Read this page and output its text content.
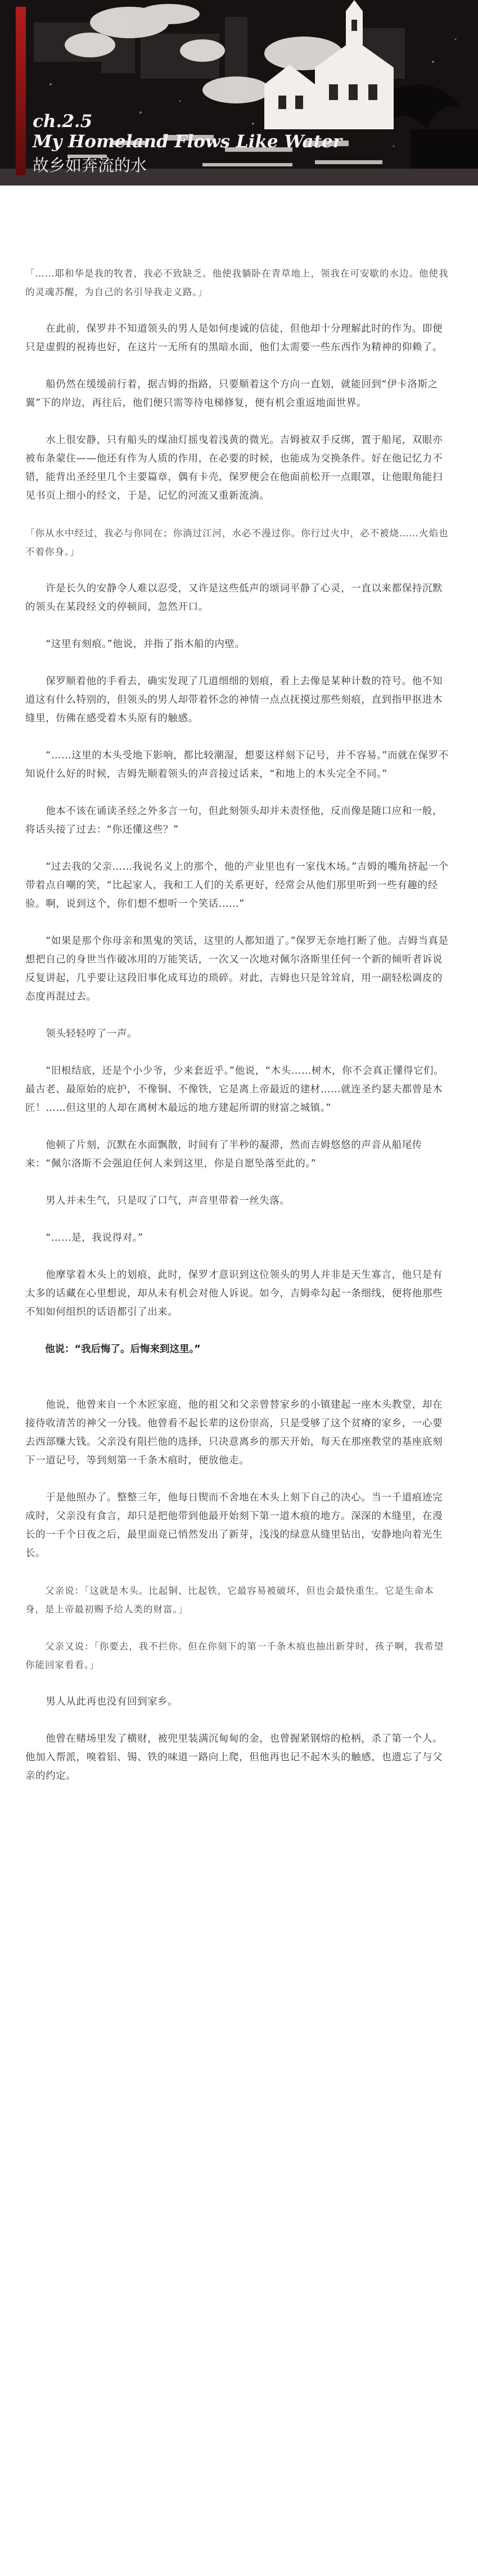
ch.2.5
My Homeland Flows Like Water
故乡如奔流的水
「……耶和华是我的牧者，我必不致缺乏。他使我躺卧在青草地上，领我在可安歇的水边。他使我的灵魂苏醒，为自己的名引导我走义路。」
　　在此前，保罗并不知道领头的男人是如何虔诚的信徒，但他却十分理解此时的作为。即便只是虚假的祝祷也好，在这片一无所有的黑暗水面，他们太需要一些东西作为精神的仰赖了。
　　船仍然在缓缓前行着，据吉姆的指路，只要顺着这个方向一直划，就能回到“伊卡洛斯之翼”下的岸边，再往后，他们便只需等待电梯修复，便有机会重返地面世界。
　　水上很安静，只有船头的煤油灯摇曳着浅黄的微光。吉姆被双手反绑，置于船尾，双眼亦被布条蒙住——他还有作为人质的作用，在必要的时候，也能成为交换条件。好在他记忆力不错，能背出圣经里几个主要篇章，偶有卡壳，保罗便会在他面前松开一点眼罩，让他眼角能扫见书页上细小的经文，于是，记忆的河流又重新流淌。
「你从水中经过，我必与你同在；你淌过江河，水必不漫过你。你行过火中，必不被烧……火焰也不着你身。」
　　许是长久的安静令人难以忍受，又许是这些低声的颂词平静了心灵，一直以来都保持沉默的领头在某段经文的停顿间，忽然开口。
　　“这里有刻痕。”他说，并指了指木船的内壁。
　　保罗顺着他的手看去，确实发现了几道细细的划痕，看上去像是某种计数的符号。他不知道这有什么特别的，但领头的男人却带着怀念的神情一点点抚摸过那些刻痕，直到指甲抠进木缝里，仿佛在感受着木头原有的触感。
　　“……这里的木头受地下影响，都比较潮湿，想要这样刻下记号，并不容易。”而就在保罗不知说什么好的时候，吉姆先顺着领头的声音接过话来，“和地上的木头完全不同。”
　　他本不该在诵读圣经之外多言一句，但此刻领头却并未责怪他，反而像是随口应和一般，将话头接了过去：“你还懂这些？”
　　“过去我的父亲……我说名义上的那个，他的产业里也有一家伐木场。”吉姆的嘴角挤起一个带着点自嘲的笑，“比起家人，我和工人们的关系更好，经常会从他们那里听到一些有趣的经验。啊，说到这个，你们想不想听一个笑话……”
　　“如果是那个你母亲和黑鬼的笑话，这里的人都知道了。”保罗无奈地打断了他。吉姆当真是想把自己的身世当作破冰用的万能笑话，一次又一次地对佩尔洛斯里任何一个新的倾听者诉说反复讲起，几乎要让这段旧事化成耳边的琐碎。对此，吉姆也只是耸耸肩，用一副轻松调皮的态度再混过去。
　　领头轻轻哼了一声。
　　“旧根结底，还是个小少爷，少来套近乎。”他说，“木头……树木，你不会真正懂得它们。最古老、最原始的庇护，不像铜、不像铁，它是离上帝最近的建材……就连圣约瑟夫都曾是木匠！……但这里的人却在离树木最远的地方建起所谓的财富之城镇。”
　　他顿了片刻，沉默在水面飘散，时间有了半秒的凝滞，然而吉姆悠悠的声音从船尾传来：“佩尔洛斯不会强迫任何人来到这里，你是自愿坠落至此的。”
　　男人并未生气，只是叹了口气，声音里带着一丝失落。
　　“……是，我说得对。”
　　他摩挲着木头上的划痕，此时，保罗才意识到这位领头的男人并非是天生寡言，他只是有太多的话藏在心里想说，却从未有机会对他人诉说。如今，吉姆牵勾起一条细线，便将他那些不知如何组织的话语都引了出来。
　　他说：“我后悔了。后悔来到这里。”
　　他说，他曾来自一个木匠家庭，他的祖父和父亲曾替家乡的小镇建起一座木头教堂，却在接待收清苦的神父一分钱。他曾看不起长辈的这份崇高，只是受够了这个贫瘠的家乡，一心要去西部赚大钱。父亲没有阻拦他的选择，只决意离乡的那天开始，每天在那座教堂的基座底刻下一道记号，等到刻第一千条木痕时，便放他走。
　　于是他照办了。整整三年，他每日锲而不舍地在木头上刻下自己的决心。当一千道痕迹完成时，父亲没有食言，却只是把他带到他最开始刻下第一道木痕的地方。深深的木缝里，在漫长的一千个日夜之后，最里面竟已悄然发出了新芽，浅浅的绿意从缝里钻出，安静地向着光生长。
　　父亲说：「这就是木头。比起铜、比起铁，它最容易被破坏，但也会最快重生。它是生命本身，是上帝最初赐予给人类的财富。」
　　父亲又说：「你要去，我不拦你。但在你刻下的第一千条木痕也抽出新芽时，孩子啊，我希望你能回家看看。」
　　男人从此再也没有回到家乡。
　　他曾在赌场里发了横财，被兜里装满沉甸甸的金，也曾握紧钢熔的枪柄，杀了第一个人。他加入帮派，嗅着铝、锡、铁的味道一路向上爬，但他再也记不起木头的触感，也遗忘了与父亲的约定。
